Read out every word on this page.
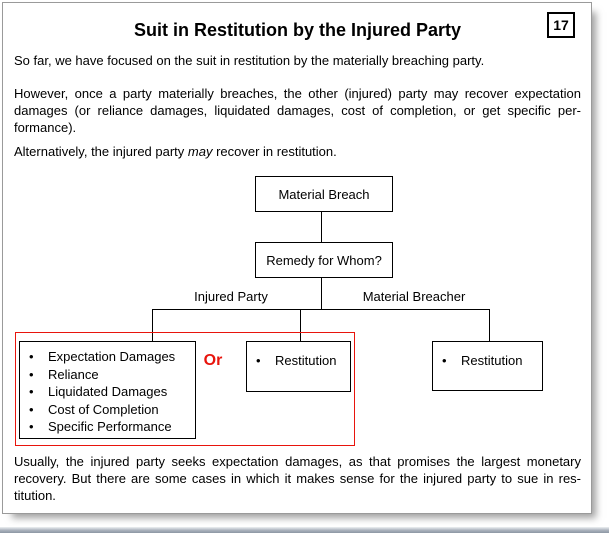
Suit in Restitution by the Injured Party	17
So far, we have focused on the suit in restitution by the materially breaching party.
However, once a party materially breaches, the other (injured) party may recover expectation
damages (or reliance damages, liquidated damages, cost of completion, or get specific per-
formance).
Alternatively, the injured party may recover in restitution.
Material Breach
Remedy for Whom?
Injured Party	Material Breacher
• Expectation Damages
• Reliance
• Liquidated Damages
• Cost of Completion
• Specific Performance
Or	• Restitution	• Restitution
Usually, the injured party seeks expectation damages, as that promises the largest monetary
recovery. But there are some cases in which it makes sense for the injured party to sue in res-
titution.
